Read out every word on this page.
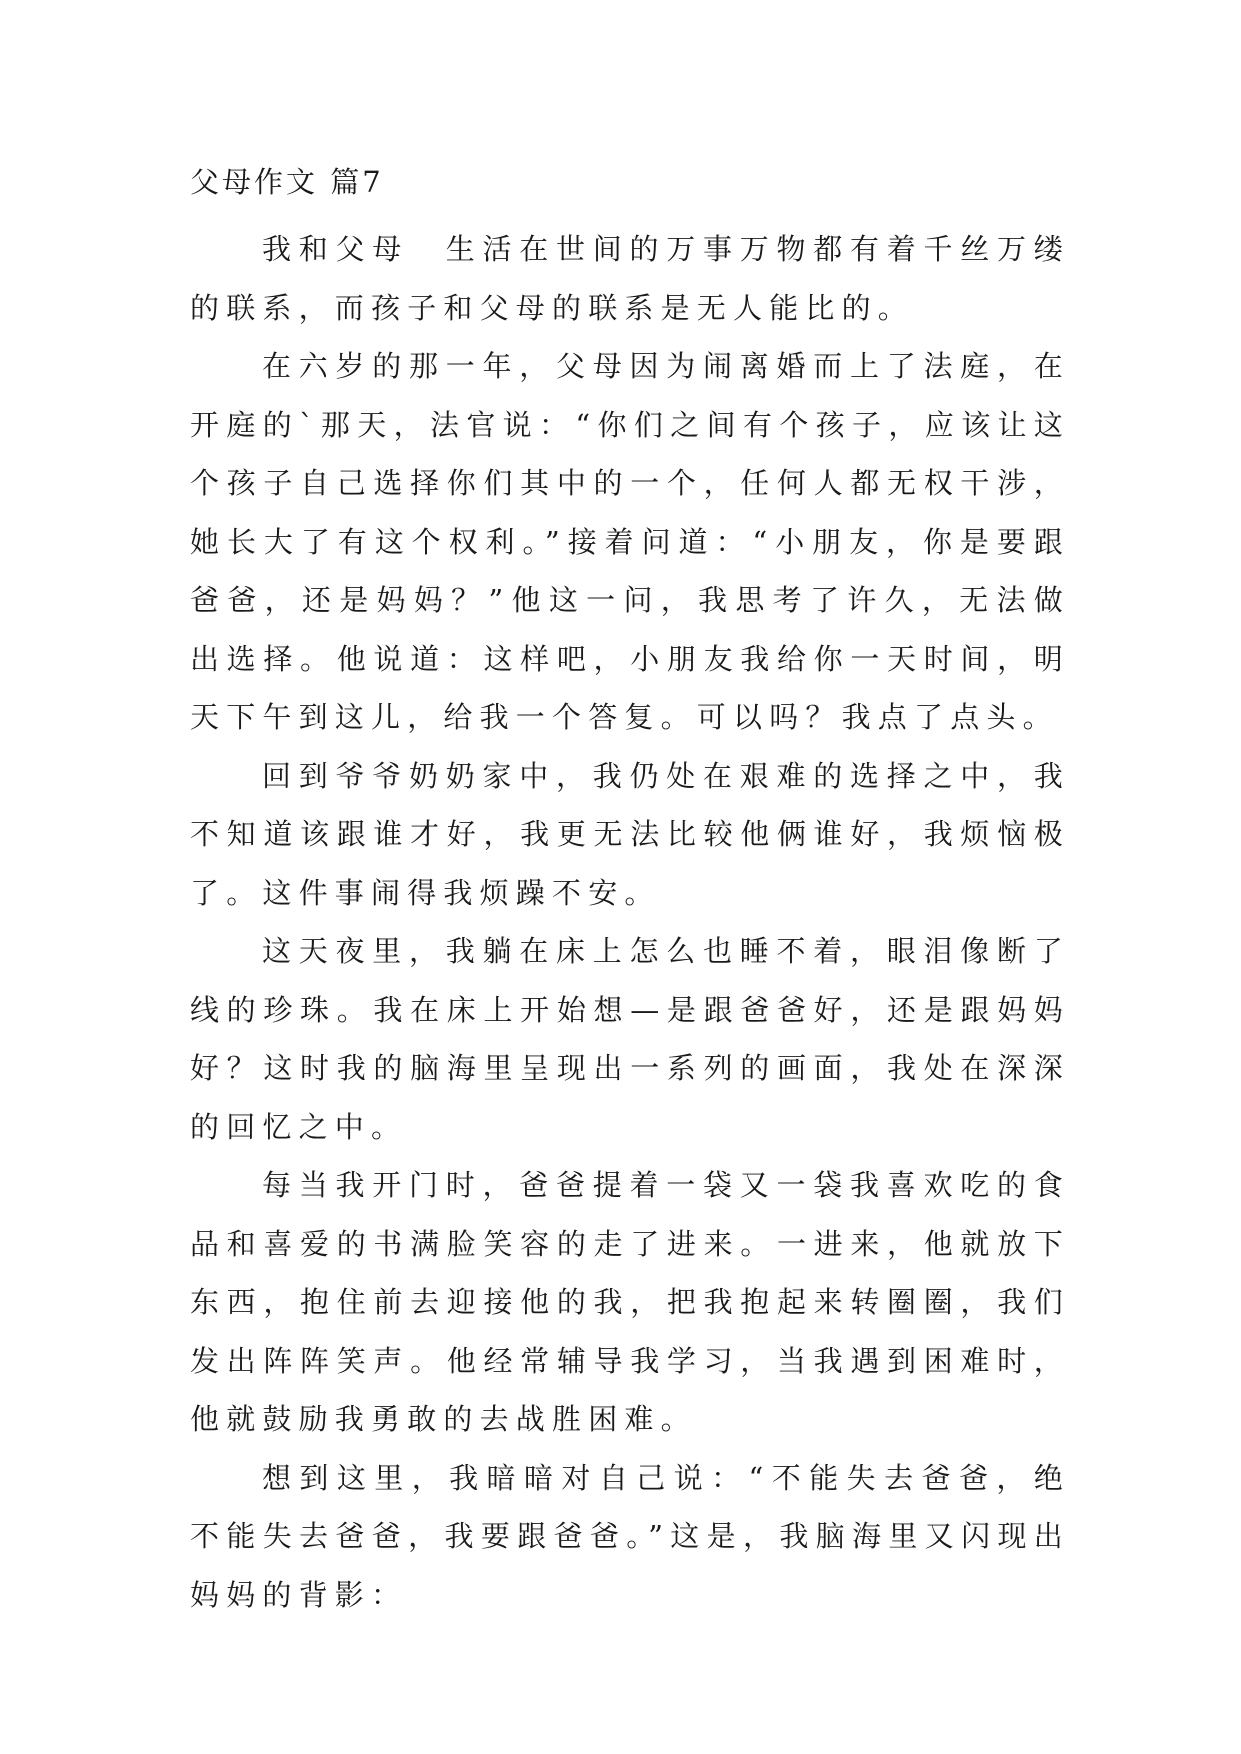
父母作文 篇7

我和父母　生活在世间的万事万物都有着千丝万缕的联系，而孩子和父母的联系是无人能比的。

在六岁的那一年，父母因为闹离婚而上了法庭，在开庭的`那天，法官说：“你们之间有个孩子，应该让这个孩子自己选择你们其中的一个，任何人都无权干涉，她长大了有这个权利。”接着问道：“小朋友，你是要跟爸爸，还是妈妈？”他这一问，我思考了许久，无法做出选择。他说道：这样吧，小朋友我给你一天时间，明天下午到这儿，给我一个答复。可以吗？我点了点头。

回到爷爷奶奶家中，我仍处在艰难的选择之中，我不知道该跟谁才好，我更无法比较他俩谁好，我烦恼极了。这件事闹得我烦躁不安。

这天夜里，我躺在床上怎么也睡不着，眼泪像断了线的珍珠。我在床上开始想—是跟爸爸好，还是跟妈妈好？这时我的脑海里呈现出一系列的画面，我处在深深的回忆之中。

每当我开门时，爸爸提着一袋又一袋我喜欢吃的食品和喜爱的书满脸笑容的走了进来。一进来，他就放下东西，抱住前去迎接他的我，把我抱起来转圈圈，我们发出阵阵笑声。他经常辅导我学习，当我遇到困难时，他就鼓励我勇敢的去战胜困难。

想到这里，我暗暗对自己说：“不能失去爸爸，绝不能失去爸爸，我要跟爸爸。”这是，我脑海里又闪现出妈妈的背影：
